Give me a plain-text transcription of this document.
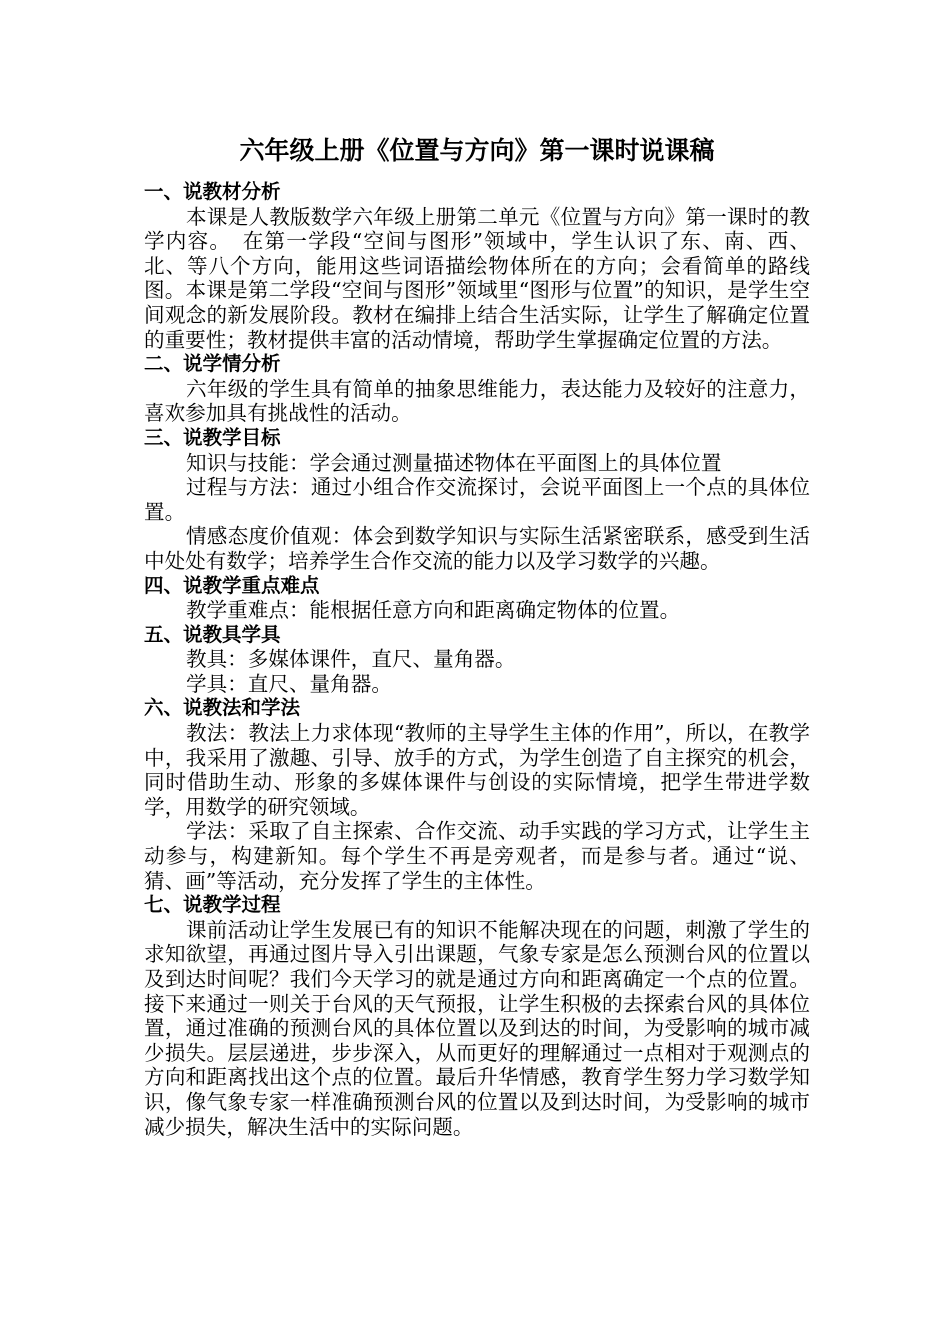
六年级上册《位置与方向》第一课时说课稿
一、说教材分析

本课是人教版数学六年级上册第二单元《位置与方向》第一课时的教学内容。　在第一学段“空间与图形”领域中，学生认识了东、南、西、北、等八个方向，能用这些词语描绘物体所在的方向；会看简单的路线图。本课是第二学段“空间与图形”领域里“图形与位置”的知识，是学生空间观念的新发展阶段。教材在编排上结合生活实际，让学生了解确定位置的重要性；教材提供丰富的活动情境，帮助学生掌握确定位置的方法。

二、说学情分析

六年级的学生具有简单的抽象思维能力，表达能力及较好的注意力，喜欢参加具有挑战性的活动。

三、说教学目标

知识与技能：学会通过测量描述物体在平面图上的具体位置

过程与方法：通过小组合作交流探讨，会说平面图上一个点的具体位置。

情感态度价值观：体会到数学知识与实际生活紧密联系，感受到生活中处处有数学；培养学生合作交流的能力以及学习数学的兴趣。

四、说教学重点难点

教学重难点：能根据任意方向和距离确定物体的位置。

五、说教具学具

教具：多媒体课件，直尺、量角器。

学具：直尺、量角器。

六、说教法和学法

教法：教法上力求体现“教师的主导学生主体的作用”，所以，在教学中，我采用了激趣、引导、放手的方式，为学生创造了自主探究的机会，同时借助生动、形象的多媒体课件与创设的实际情境，把学生带进学数学，用数学的研究领域。

学法：采取了自主探索、合作交流、动手实践的学习方式，让学生主动参与，构建新知。每个学生不再是旁观者，而是参与者。通过“说、猜、画”等活动，充分发挥了学生的主体性。

七、说教学过程

课前活动让学生发展已有的知识不能解决现在的问题，刺激了学生的求知欲望，再通过图片导入引出课题，气象专家是怎么预测台风的位置以及到达时间呢？我们今天学习的就是通过方向和距离确定一个点的位置。接下来通过一则关于台风的天气预报，让学生积极的去探索台风的具体位置，通过准确的预测台风的具体位置以及到达的时间，为受影响的城市减少损失。层层递进，步步深入，从而更好的理解通过一点相对于观测点的方向和距离找出这个点的位置。最后升华情感，教育学生努力学习数学知识，像气象专家一样准确预测台风的位置以及到达时间，为受影响的城市减少损失，解决生活中的实际问题。
